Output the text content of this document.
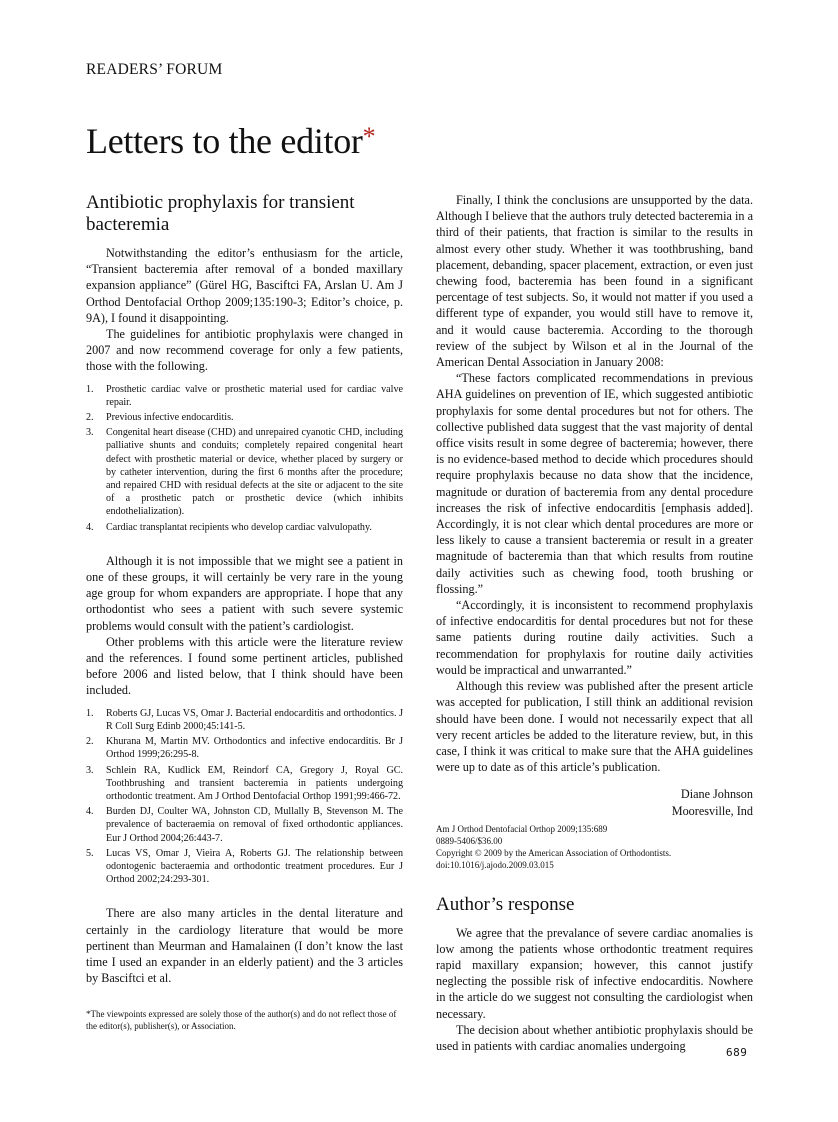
READERS’ FORUM
Letters to the editor*
Antibiotic prophylaxis for transient bacteremia

Notwithstanding the editor’s enthusiasm for the article, “Transient bacteremia after removal of a bonded maxillary expansion appliance” (Gürel HG, Basciftci FA, Arslan U. Am J Orthod Dentofacial Orthop 2009;135:190-3; Editor’s choice, p. 9A), I found it disappointing.

The guidelines for antibiotic prophylaxis were changed in 2007 and now recommend coverage for only a few patients, those with the following.

1. Prosthetic cardiac valve or prosthetic material used for cardiac valve repair.
2. Previous infective endocarditis.
3. Congenital heart disease (CHD) and unrepaired cyanotic CHD, including palliative shunts and conduits; completely repaired congenital heart defect with prosthetic material or device, whether placed by surgery or by catheter intervention, during the first 6 months after the procedure; and repaired CHD with residual defects at the site or adjacent to the site of a prosthetic patch or prosthetic device (which inhibits endothelialization).
4. Cardiac transplantat recipients who develop cardiac valvulopathy.

Although it is not impossible that we might see a patient in one of these groups, it will certainly be very rare in the young age group for whom expanders are appropriate. I hope that any orthodontist who sees a patient with such severe systemic problems would consult with the patient’s cardiologist.

Other problems with this article were the literature review and the references. I found some pertinent articles, published before 2006 and listed below, that I think should have been included.

1. Roberts GJ, Lucas VS, Omar J. Bacterial endocarditis and orthodontics. J R Coll Surg Edinb 2000;45:141-5.
2. Khurana M, Martin MV. Orthodontics and infective endocarditis. Br J Orthod 1999;26:295-8.
3. Schlein RA, Kudlick EM, Reindorf CA, Gregory J, Royal GC. Toothbrushing and transient bacteremia in patients undergoing orthodontic treatment. Am J Orthod Dentofacial Orthop 1991;99:466-72.
4. Burden DJ, Coulter WA, Johnston CD, Mullally B, Stevenson M. The prevalence of bacteraemia on removal of fixed orthodontic appliances. Eur J Orthod 2004;26:443-7.
5. Lucas VS, Omar J, Vieira A, Roberts GJ. The relationship between odontogenic bacteraemia and orthodontic treatment procedures. Eur J Orthod 2002;24:293-301.

There are also many articles in the dental literature and certainly in the cardiology literature that would be more pertinent than Meurman and Hamalainen (I don’t know the last time I used an expander in an elderly patient) and the 3 articles by Basciftci et al.

*The viewpoints expressed are solely those of the author(s) and do not reflect those of the editor(s), publisher(s), or Association.

Finally, I think the conclusions are unsupported by the data. Although I believe that the authors truly detected bacteremia in a third of their patients, that fraction is similar to the results in almost every other study. Whether it was toothbrushing, band placement, debanding, spacer placement, extraction, or even just chewing food, bacteremia has been found in a significant percentage of test subjects. So, it would not matter if you used a different type of expander, you would still have to remove it, and it would cause bacteremia. According to the thorough review of the subject by Wilson et al in the Journal of the American Dental Association in January 2008:

“These factors complicated recommendations in previous AHA guidelines on prevention of IE, which suggested antibiotic prophylaxis for some dental procedures but not for others. The collective published data suggest that the vast majority of dental office visits result in some degree of bacteremia; however, there is no evidence-based method to decide which procedures should require prophylaxis because no data show that the incidence, magnitude or duration of bacteremia from any dental procedure increases the risk of infective endocarditis [emphasis added]. Accordingly, it is not clear which dental procedures are more or less likely to cause a transient bacteremia or result in a greater magnitude of bacteremia than that which results from routine daily activities such as chewing food, tooth brushing or flossing.”

“Accordingly, it is inconsistent to recommend prophylaxis of infective endocarditis for dental procedures but not for these same patients during routine daily activities. Such a recommendation for prophylaxis for routine daily activities would be impractical and unwarranted.”

Although this review was published after the present article was accepted for publication, I still think an additional revision should have been done. I would not necessarily expect that all very recent articles be added to the literature review, but, in this case, I think it was critical to make sure that the AHA guidelines were up to date as of this article’s publication.

Diane Johnson
Mooresville, Ind
Am J Orthod Dentofacial Orthop 2009;135:689
0889-5406/$36.00
Copyright © 2009 by the American Association of Orthodontists.
doi:10.1016/j.ajodo.2009.03.015
Author’s response

We agree that the prevalance of severe cardiac anomalies is low among the patients whose orthodontic treatment requires rapid maxillary expansion; however, this cannot justify neglecting the possible risk of infective endocarditis. Nowhere in the article do we suggest not consulting the cardiologist when necessary.

The decision about whether antibiotic prophylaxis should be used in patients with cardiac anomalies undergoing	689
